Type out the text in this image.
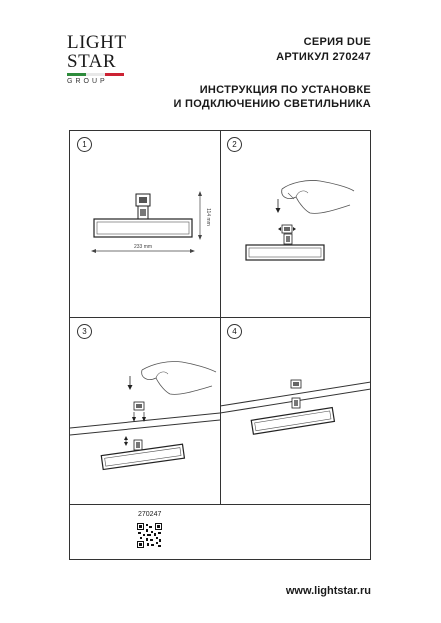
LIGHT
STAR
GROUP
СЕРИЯ DUE
АРТИКУЛ 270247
ИНСТРУКЦИЯ ПО УСТАНОВКЕ
И ПОДКЛЮЧЕНИЮ СВЕТИЛЬНИКА
1
114 mm
233 mm
2
3	4
270247
www.lightstar.ru
